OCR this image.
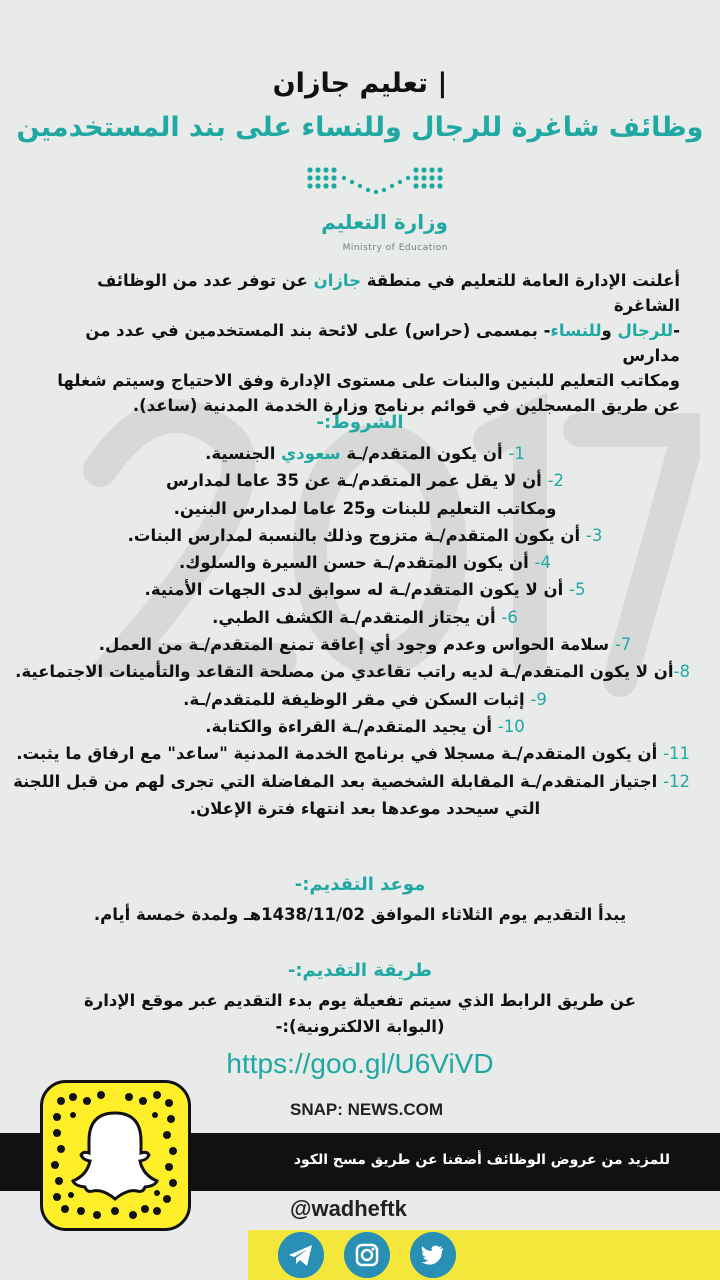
تعليم جازان |
وظائف شاغرة للرجال وللنساء على بند المستخدمين
وزارة التعليم
Ministry of Education
أعلنت الإدارة العامة للتعليم في منطقة جازان عن توفر عدد من الوظائف الشاغرة
-للرجال وللنساء- بمسمى (حراس) على لائحة بند المستخدمين في عدد من مدارس
ومكاتب التعليم للبنين والبنات على مستوى الإدارة وفق الاحتياج وسيتم شغلها
عن طريق المسجلين في قوائم برنامج وزارة الخدمة المدنية (ساعد).
الشروط:-
1- أن يكون المتقدم/ـة سعودي الجنسية.
2- أن لا يقل عمر المتقدم/ـة عن 35 عاما لمدارس
ومكاتب التعليم للبنات و25 عاما لمدارس البنين.
3- أن يكون المتقدم/ـة متزوج وذلك بالنسبة لمدارس البنات.
4- أن يكون المتقدم/ـة حسن السيرة والسلوك.
5- أن لا يكون المتقدم/ـة له سوابق لدى الجهات الأمنية.
6- أن يجتاز المتقدم/ـة الكشف الطبي.
7- سلامة الحواس وعدم وجود أي إعاقة تمنع المتقدم/ـة من العمل.
8-أن لا يكون المتقدم/ـة لديه راتب تقاعدي من مصلحة التقاعد والتأمينات الاجتماعية.
9- إثبات السكن في مقر الوظيفة للمتقدم/ـة.
10- أن يجيد المتقدم/ـة القراءة والكتابة.
11- أن يكون المتقدم/ـة مسجلا في برنامج الخدمة المدنية "ساعد" مع ارفاق ما يثبت.
12- اجتياز المتقدم/ـة المقابلة الشخصية بعد المفاضلة التي تجرى لهم من قبل اللجنة
التي سيحدد موعدها بعد انتهاء فترة الإعلان.
موعد التقديم:-
يبدأ التقديم يوم الثلاثاء الموافق 1438/11/02هـ ولمدة خمسة أيام.
طريقة التقديم:-
عن طريق الرابط الذي سيتم تفعيلة يوم بدء التقديم عبر موقع الإدارة
(البوابة الالكترونية):-
https://goo.gl/U6ViVD
SNAP: NEWS.COM
للمزيد من عروض الوظائف أضفنا عن طريق مسح الكود
@wadheftk
